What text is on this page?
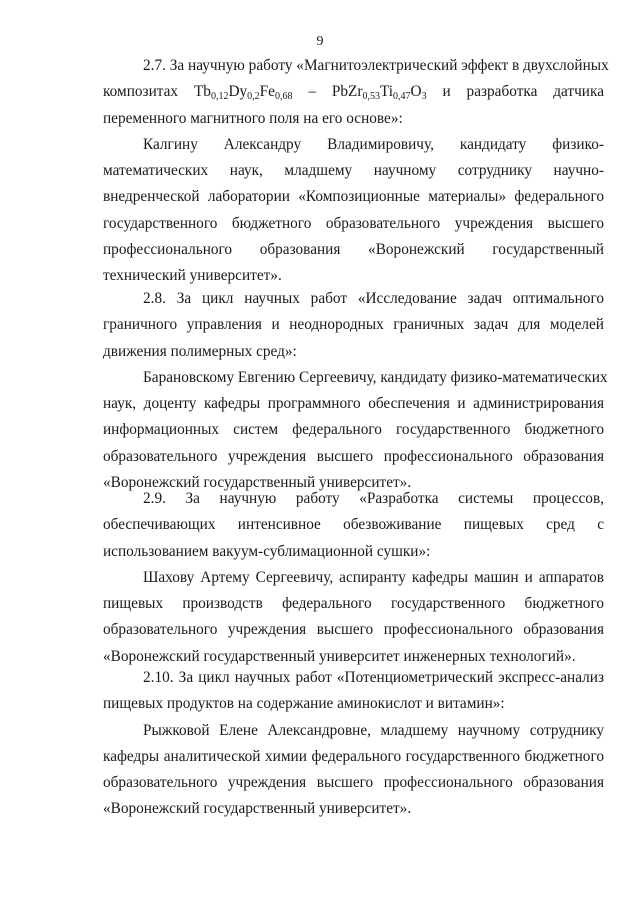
9
2.7. За научную работу «Магнитоэлектрический эффект в двухслойных
композитах $Tb_{0,12}Dy_{0,2}Fe_{0,68}$ – $PbZr_{0,53}Ti_{0,47}O_3$ и разработка датчика
переменного магнитного поля на его основе»:
Калгину Александру Владимировичу, кандидату физико-
математических наук, младшему научному сотруднику научно-
внедренческой лаборатории «Композиционные материалы» федерального
государственного бюджетного образовательного учреждения высшего
профессионального образования «Воронежский государственный
технический университет».
2.8. За цикл научных работ «Исследование задач оптимального
граничного управления и неоднородных граничных задач для моделей
движения полимерных сред»:
Барановскому Евгению Сергеевичу, кандидату физико-математических
наук, доценту кафедры программного обеспечения и администрирования
информационных систем федерального государственного бюджетного
образовательного учреждения высшего профессионального образования
«Воронежский государственный университет».
2.9. За научную работу «Разработка системы процессов,
обеспечивающих интенсивное обезвоживание пищевых сред с
использованием вакуум-сублимационной сушки»:
Шахову Артему Сергеевичу, аспиранту кафедры машин и аппаратов
пищевых производств федерального государственного бюджетного
образовательного учреждения высшего профессионального образования
«Воронежский государственный университет инженерных технологий».
2.10. За цикл научных работ «Потенциометрический экспресс-анализ
пищевых продуктов на содержание аминокислот и витамин»:
Рыжковой Елене Александровне, младшему научному сотруднику
кафедры аналитической химии федерального государственного бюджетного
образовательного учреждения высшего профессионального образования
«Воронежский государственный университет».
